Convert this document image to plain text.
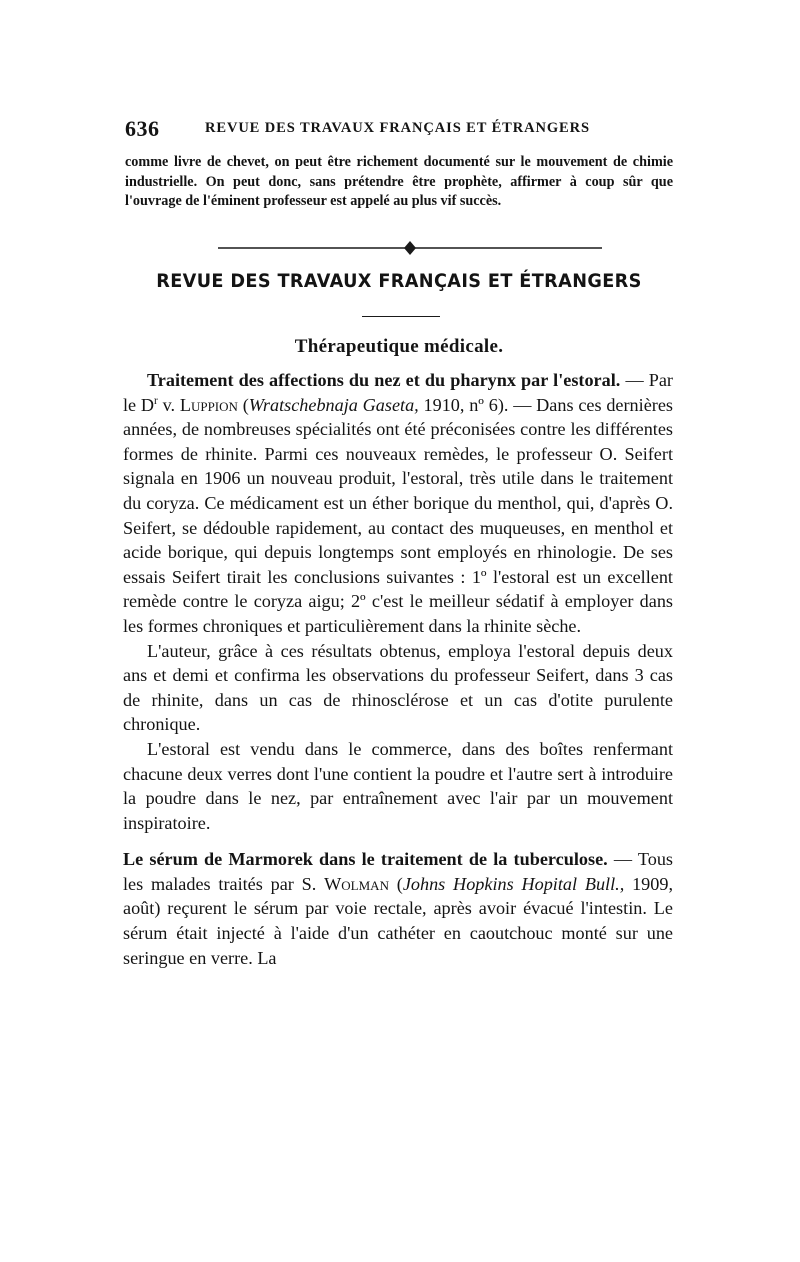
636	REVUE DES TRAVAUX FRANÇAIS ET ÉTRANGERS
comme livre de chevet, on peut être richement documenté sur le mouvement de chimie industrielle. On peut donc, sans prétendre être prophète, affirmer à coup sûr que l'ouvrage de l'éminent professeur est appelé au plus vif succès.
REVUE DES TRAVAUX FRANÇAIS ET ÉTRANGERS
Thérapeutique médicale.

Traitement des affections du nez et du pharynx par l'estoral. — Par le $D^r$ v. Luppion (Wratschebnaja Gaseta, 1910, nº 6). — Dans ces dernières années, de nombreuses spécialités ont été préconisées contre les différentes formes de rhinite. Parmi ces nouveaux remèdes, le professeur O. Seifert signala en 1906 un nouveau produit, l'estoral, très utile dans le traitement du coryza. Ce médicament est un éther borique du menthol, qui, d'après O. Seifert, se dédouble rapidement, au contact des muqueuses, en menthol et acide borique, qui depuis longtemps sont employés en rhinologie. De ses essais Seifert tirait les conclusions suivantes : 1º l'estoral est un excellent remède contre le coryza aigu; 2º c'est le meilleur sédatif à employer dans les formes chroniques et particulièrement dans la rhinite sèche.

L'auteur, grâce à ces résultats obtenus, employa l'estoral depuis deux ans et demi et confirma les observations du professeur Seifert, dans 3 cas de rhinite, dans un cas de rhinosclérose et un cas d'otite purulente chronique.

L'estoral est vendu dans le commerce, dans des boîtes renfermant chacune deux verres dont l'une contient la poudre et l'autre sert à introduire la poudre dans le nez, par entraînement avec l'air par un mouvement inspiratoire.

Le sérum de Marmorek dans le traitement de la tuberculose. — Tous les malades traités par S. Wolman (Johns Hopkins Hopital Bull., 1909, août) reçurent le sérum par voie rectale, après avoir évacué l'intestin. Le sérum était injecté à l'aide d'un cathéter en caoutchouc monté sur une seringue en verre. La
